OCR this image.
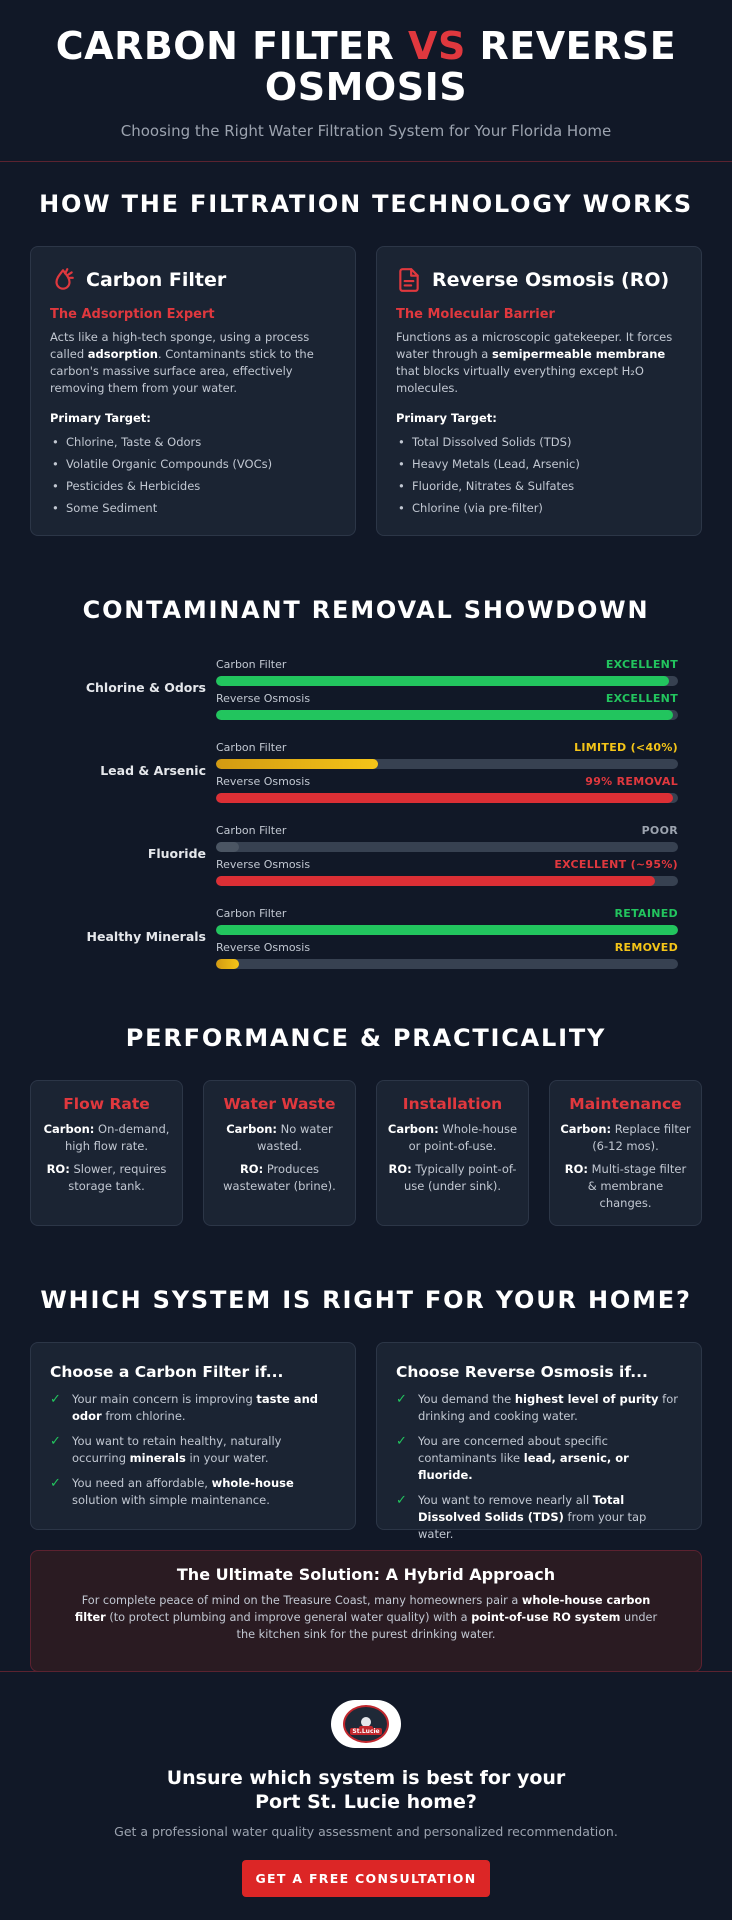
CARBON FILTER VS REVERSE OSMOSIS

Choosing the Right Water Filtration System for Your Florida Home

HOW THE FILTRATION TECHNOLOGY WORKS
Carbon Filter
The Adsorption Expert

Acts like a high-tech sponge, using a process called adsorption. Contaminants stick to the carbon's massive surface area, effectively removing them from your water.

Primary Target:
• Chlorine, Taste & Odors
• Volatile Organic Compounds (VOCs)
• Pesticides & Herbicides
• Some Sediment
Reverse Osmosis (RO)
The Molecular Barrier

Functions as a microscopic gatekeeper. It forces water through a semipermeable membrane that blocks virtually everything except H₂O molecules.

Primary Target:
• Total Dissolved Solids (TDS)
• Heavy Metals (Lead, Arsenic)
• Fluoride, Nitrates & Sulfates
• Chlorine (via pre-filter)
CONTAMINANT REMOVAL SHOWDOWN
Chlorine & Odors
Carbon Filter	EXCELLENT
Reverse Osmosis	EXCELLENT
Lead & Arsenic
Carbon Filter	LIMITED (<40%)
Reverse Osmosis	99% REMOVAL
Fluoride
Carbon Filter	POOR
Reverse Osmosis	EXCELLENT (~95%)
Healthy Minerals
Carbon Filter	RETAINED
Reverse Osmosis	REMOVED
PERFORMANCE & PRACTICALITY
Flow Rate

Carbon: On-demand, high flow rate.

RO: Slower, requires storage tank.

Water Waste

Carbon: No water wasted.

RO: Produces wastewater (brine).

Installation

Carbon: Whole-house or point-of-use.

RO: Typically point-of-use (under sink).

Maintenance

Carbon: Replace filter (6-12 mos).

RO: Multi-stage filter & membrane changes.

WHICH SYSTEM IS RIGHT FOR YOUR HOME?
Choose a Carbon Filter if...
✓ Your main concern is improving taste and odor from chlorine.
✓ You want to retain healthy, naturally occurring minerals in your water.
✓ You need an affordable, whole-house solution with simple maintenance.
Choose Reverse Osmosis if...
✓ You demand the highest level of purity for drinking and cooking water.
✓ You are concerned about specific contaminants like lead, arsenic, or fluoride.
✓ You want to remove nearly all Total Dissolved Solids (TDS) from your tap water.
The Ultimate Solution: A Hybrid Approach

For complete peace of mind on the Treasure Coast, many homeowners pair a whole-house carbon filter (to protect plumbing and improve general water quality) with a point-of-use RO system under the kitchen sink for the purest drinking water.

St.Lucie
Unsure which system is best for your
Port St. Lucie home?

Get a professional water quality assessment and personalized recommendation.

GET A FREE CONSULTATION
